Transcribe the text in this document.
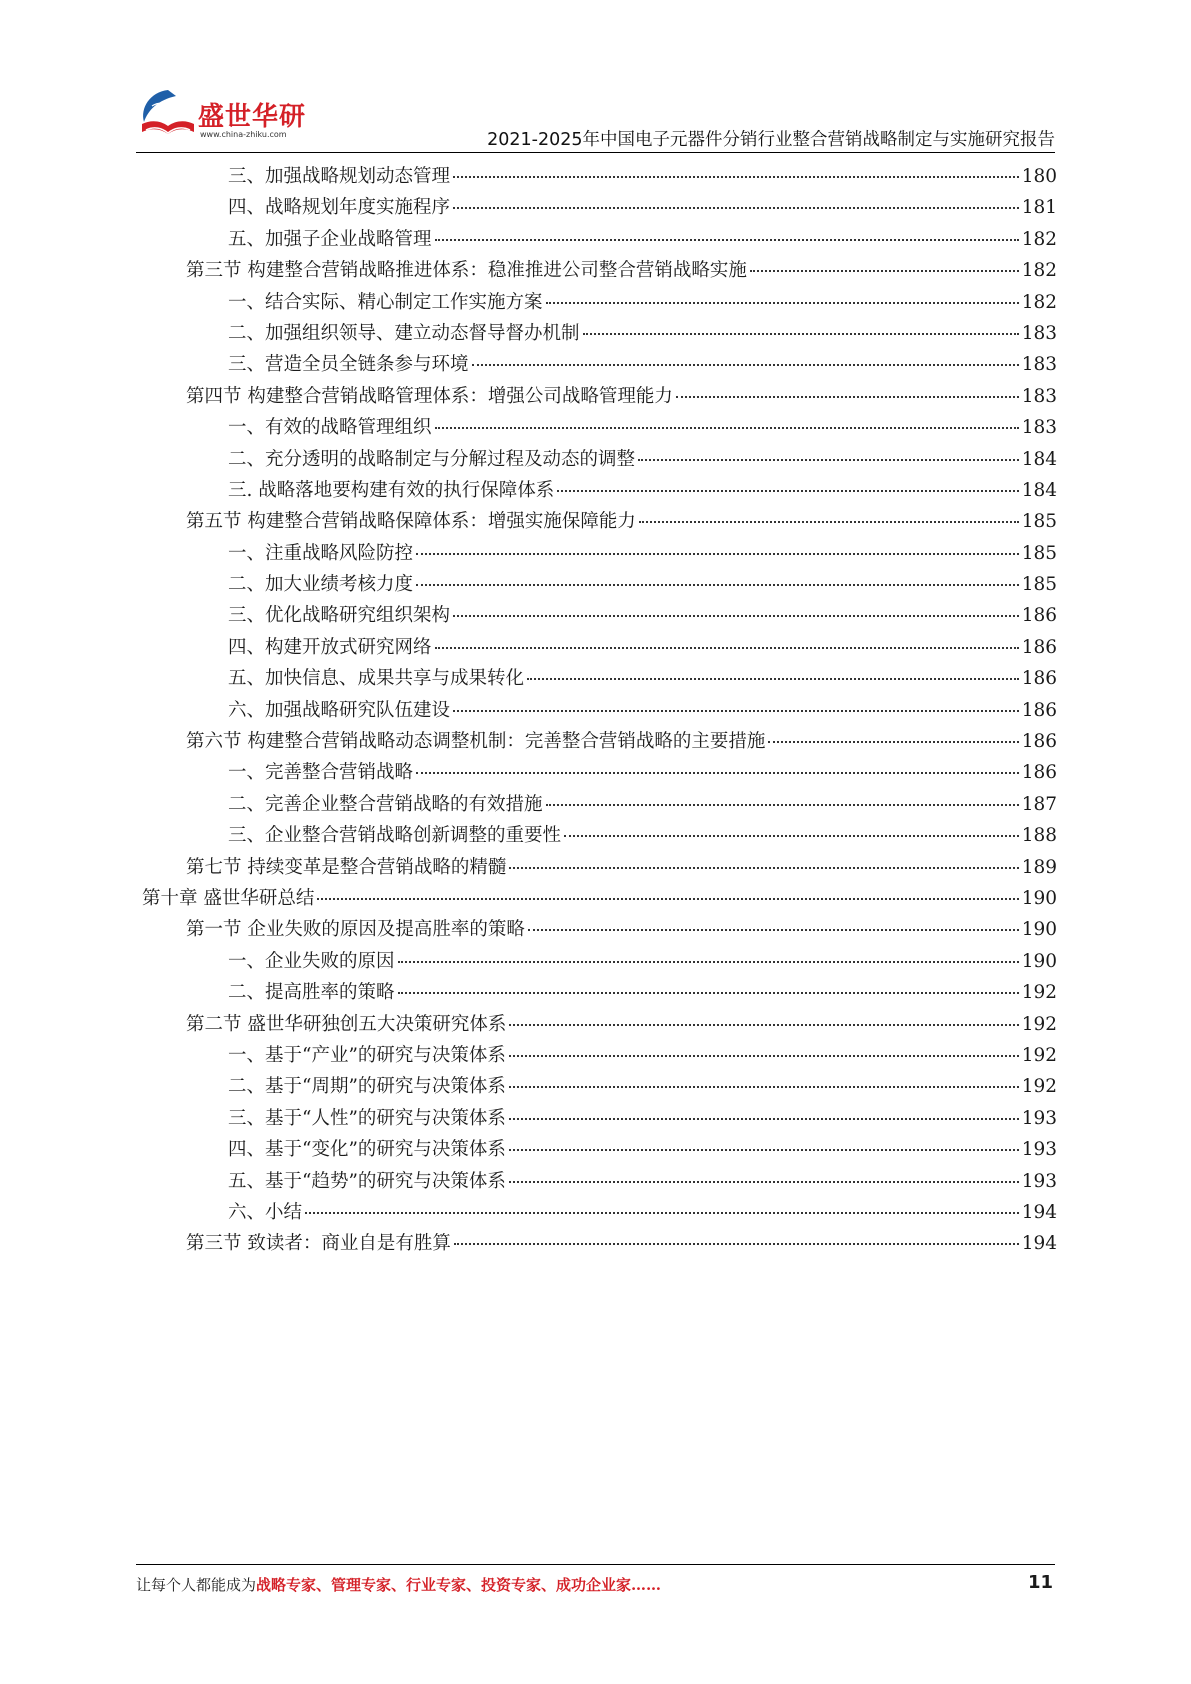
盛世华研
www.china-zhiku.com	2021-2025年中国电子元器件分销行业整合营销战略制定与实施研究报告
三、加强战略规划动态管理	180
四、战略规划年度实施程序	181
五、加强子企业战略管理	182
第三节 构建整合营销战略推进体系：稳准推进公司整合营销战略实施	182
一、结合实际、精心制定工作实施方案	182
二、加强组织领导、建立动态督导督办机制	183
三、营造全员全链条参与环境	183
第四节 构建整合营销战略管理体系：增强公司战略管理能力	183
一、有效的战略管理组织	183
二、充分透明的战略制定与分解过程及动态的调整	184
三. 战略落地要构建有效的执行保障体系	184
第五节 构建整合营销战略保障体系：增强实施保障能力	185
一、注重战略风险防控	185
二、加大业绩考核力度	185
三、优化战略研究组织架构	186
四、构建开放式研究网络	186
五、加快信息、成果共享与成果转化	186
六、加强战略研究队伍建设	186
第六节 构建整合营销战略动态调整机制：完善整合营销战略的主要措施	186
一、完善整合营销战略	186
二、完善企业整合营销战略的有效措施	187
三、企业整合营销战略创新调整的重要性	188
第七节 持续变革是整合营销战略的精髓	189
第十章 盛世华研总结	190
第一节 企业失败的原因及提高胜率的策略	190
一、企业失败的原因	190
二、提高胜率的策略	192
第二节 盛世华研独创五大决策研究体系	192
一、基于“产业”的研究与决策体系	192
二、基于“周期”的研究与决策体系	192
三、基于“人性”的研究与决策体系	193
四、基于“变化”的研究与决策体系	193
五、基于“趋势”的研究与决策体系	193
六、小结	194
第三节 致读者：商业自是有胜算	194
让每个人都能成为战略专家、管理专家、行业专家、投资专家、成功企业家……	11
